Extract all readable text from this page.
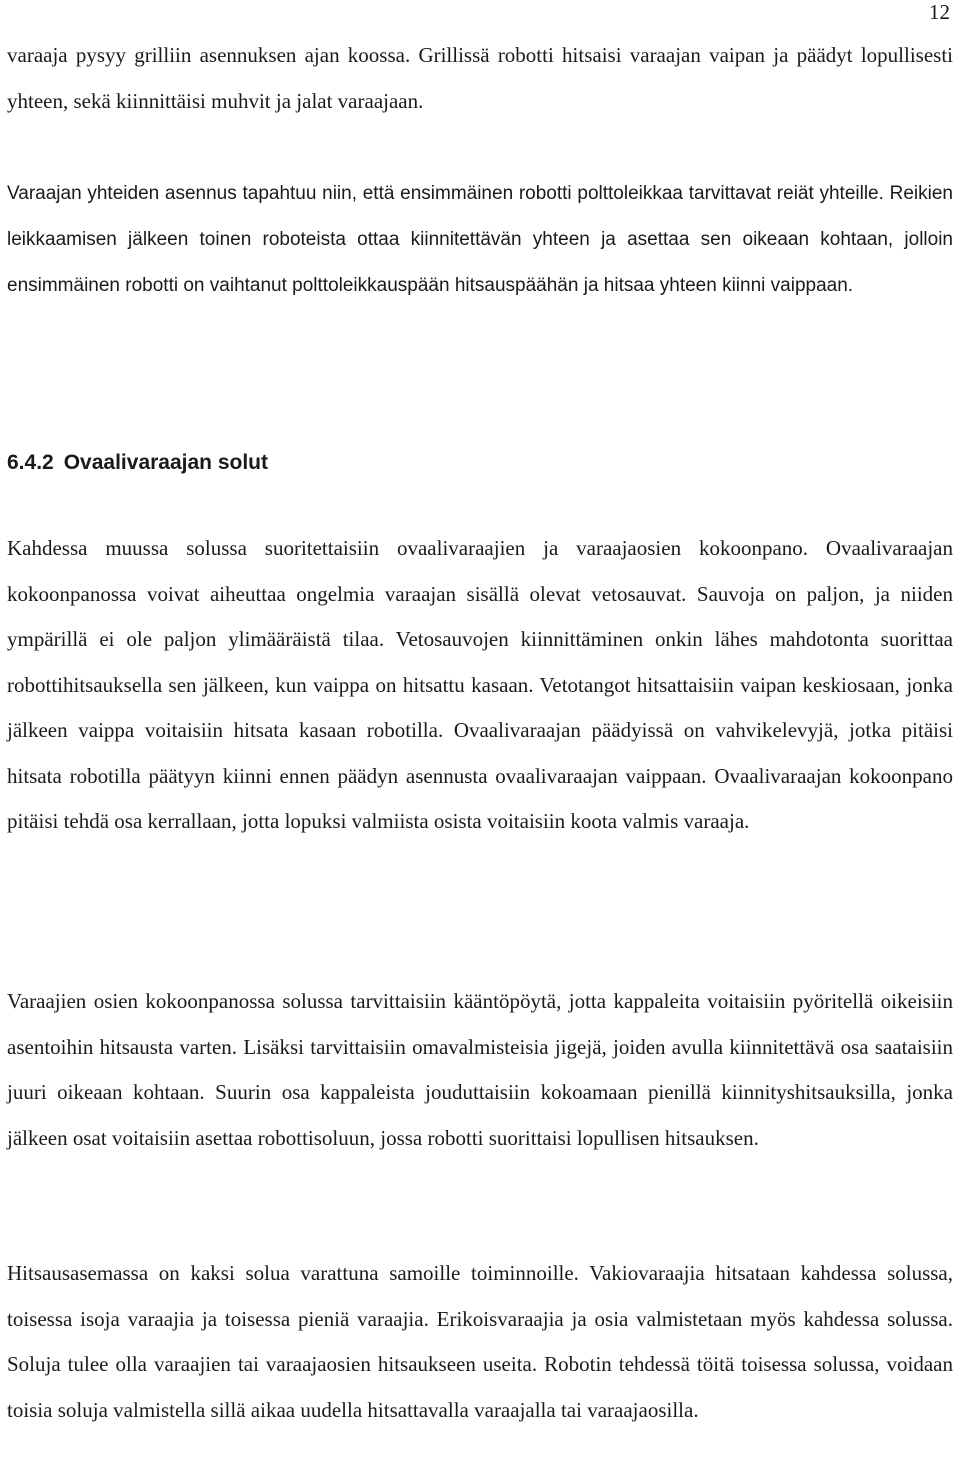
12

varaaja pysyy grilliin asennuksen ajan koossa. Grillissä robotti hitsaisi varaajan vaipan ja päädyt lopullisesti yhteen, sekä kiinnittäisi muhvit ja jalat varaajaan.

Varaajan yhteiden asennus tapahtuu niin, että ensimmäinen robotti polttoleikkaa tarvittavat reiät yhteille. Reikien leikkaamisen jälkeen toinen roboteista ottaa kiinnitettävän yhteen ja asettaa sen oikeaan kohtaan, jolloin ensimmäinen robotti on vaihtanut polttoleikkauspään hitsauspäähän ja hitsaa yhteen kiinni vaippaan.

6.4.2 Ovaalivaraajan solut

Kahdessa muussa solussa suoritettaisiin ovaalivaraajien ja varaajaosien kokoonpano. Ovaalivaraajan kokoonpanossa voivat aiheuttaa ongelmia varaajan sisällä olevat vetosauvat. Sauvoja on paljon, ja niiden ympärillä ei ole paljon ylimääräistä tilaa. Vetosauvojen kiinnittäminen onkin lähes mahdotonta suorittaa robottihitsauksella sen jälkeen, kun vaippa on hitsattu kasaan. Vetotangot hitsattaisiin vaipan keskiosaan, jonka jälkeen vaippa voitaisiin hitsata kasaan robotilla. Ovaalivaraajan päädyissä on vahvikelevyjä, jotka pitäisi hitsata robotilla päätyyn kiinni ennen päädyn asennusta ovaalivaraajan vaippaan. Ovaalivaraajan kokoonpano pitäisi tehdä osa kerrallaan, jotta lopuksi valmiista osista voitaisiin koota valmis varaaja.

Varaajien osien kokoonpanossa solussa tarvittaisiin kääntöpöytä, jotta kappaleita voitaisiin pyöritellä oikeisiin asentoihin hitsausta varten. Lisäksi tarvittaisiin omavalmisteisia jigejä, joiden avulla kiinnitettävä osa saataisiin juuri oikeaan kohtaan. Suurin osa kappaleista jouduttaisiin kokoamaan pienillä kiinnityshitsauksilla, jonka jälkeen osat voitaisiin asettaa robottisoluun, jossa robotti suorittaisi lopullisen hitsauksen.

Hitsausasemassa on kaksi solua varattuna samoille toiminnoille. Vakiovaraajia hitsataan kahdessa solussa, toisessa isoja varaajia ja toisessa pieniä varaajia. Erikoisvaraajia ja osia valmistetaan myös kahdessa solussa. Soluja tulee olla varaajien tai varaajaosien hitsaukseen useita. Robotin tehdessä töitä toisessa solussa, voidaan toisia soluja valmistella sillä aikaa uudella hitsattavalla varaajalla tai varaajaosilla.
